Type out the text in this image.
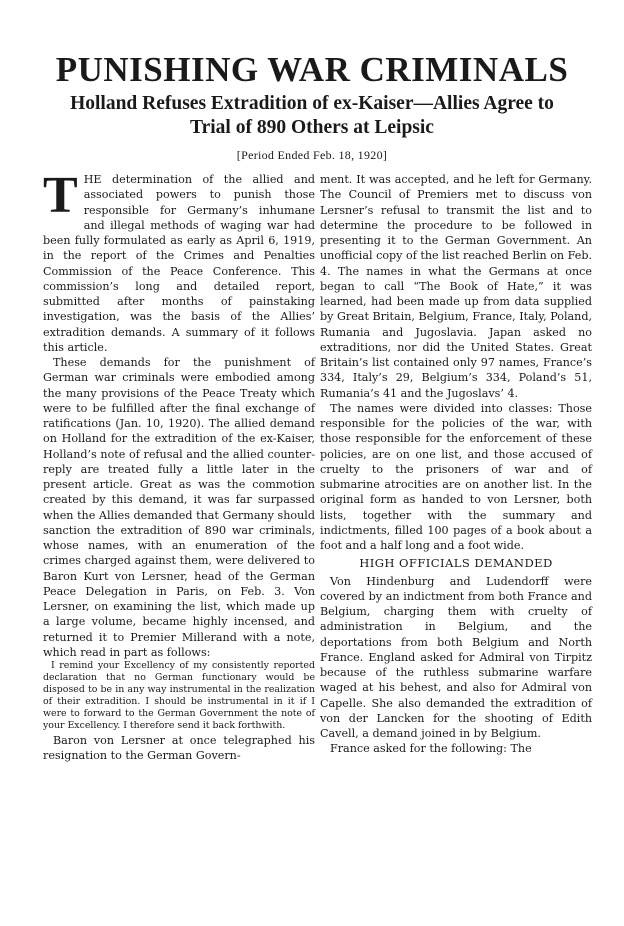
PUNISHING WAR CRIMINALS
Holland Refuses Extradition of ex-Kaiser—Allies Agree to Trial of 890 Others at Leipsic
[Period Ended Feb. 18, 1920]

THE determination of the allied and associated powers to punish those responsible for Germany’s inhumane and illegal methods of waging war had been fully formulated as early as April 6, 1919, in the report of the Crimes and Penalties Commission of the Peace Conference. This commission’s long and detailed report, submitted after months of painstaking investigation, was the basis of the Allies’ extradition demands. A summary of it follows this article.

These demands for the punishment of German war criminals were embodied among the many provisions of the Peace Treaty which were to be fulfilled after the final exchange of ratifications (Jan. 10, 1920). The allied demand on Holland for the extradition of the ex-Kaiser, Holland’s note of refusal and the allied counter-reply are treated fully a little later in the present article. Great as was the commotion created by this demand, it was far surpassed when the Allies demanded that Germany should sanction the extradition of 890 war criminals, whose names, with an enumeration of the crimes charged against them, were delivered to Baron Kurt von Lersner, head of the German Peace Delegation in Paris, on Feb. 3. Von Lersner, on examining the list, which made up a large volume, became highly incensed, and returned it to Premier Millerand with a note, which read in part as follows:

I remind your Excellency of my consistently reported declaration that no German functionary would be disposed to be in any way instrumental in the realization of their extradition. I should be instrumental in it if I were to forward to the German Government the note of your Excellency. I therefore send it back forthwith.

Baron von Lersner at once telegraphed his resignation to the German Govern-

ment. It was accepted, and he left for Germany. The Council of Premiers met to discuss von Lersner’s refusal to transmit the list and to determine the procedure to be followed in presenting it to the German Government. An unofficial copy of the list reached Berlin on Feb. 4. The names in what the Germans at once began to call “The Book of Hate,” it was learned, had been made up from data supplied by Great Britain, Belgium, France, Italy, Poland, Rumania and Jugoslavia. Japan asked no extraditions, nor did the United States. Great Britain’s list contained only 97 names, France’s 334, Italy’s 29, Belgium’s 334, Poland’s 51, Rumania’s 41 and the Jugoslavs’ 4.

The names were divided into classes: Those responsible for the policies of the war, with those responsible for the enforcement of these policies, are on one list, and those accused of cruelty to the prisoners of war and of submarine atrocities are on another list. In the original form as handed to von Lersner, both lists, together with the summary and indictments, filled 100 pages of a book about a foot and a half long and a foot wide.

HIGH OFFICIALS DEMANDED

Von Hindenburg and Ludendorff were covered by an indictment from both France and Belgium, charging them with cruelty of administration in Belgium, and the deportations from both Belgium and North France. England asked for Admiral von Tirpitz because of the ruthless submarine warfare waged at his behest, and also for Admiral von Capelle. She also demanded the extradition of von der Lancken for the shooting of Edith Cavell, a demand joined in by Belgium.

France asked for the following: The
